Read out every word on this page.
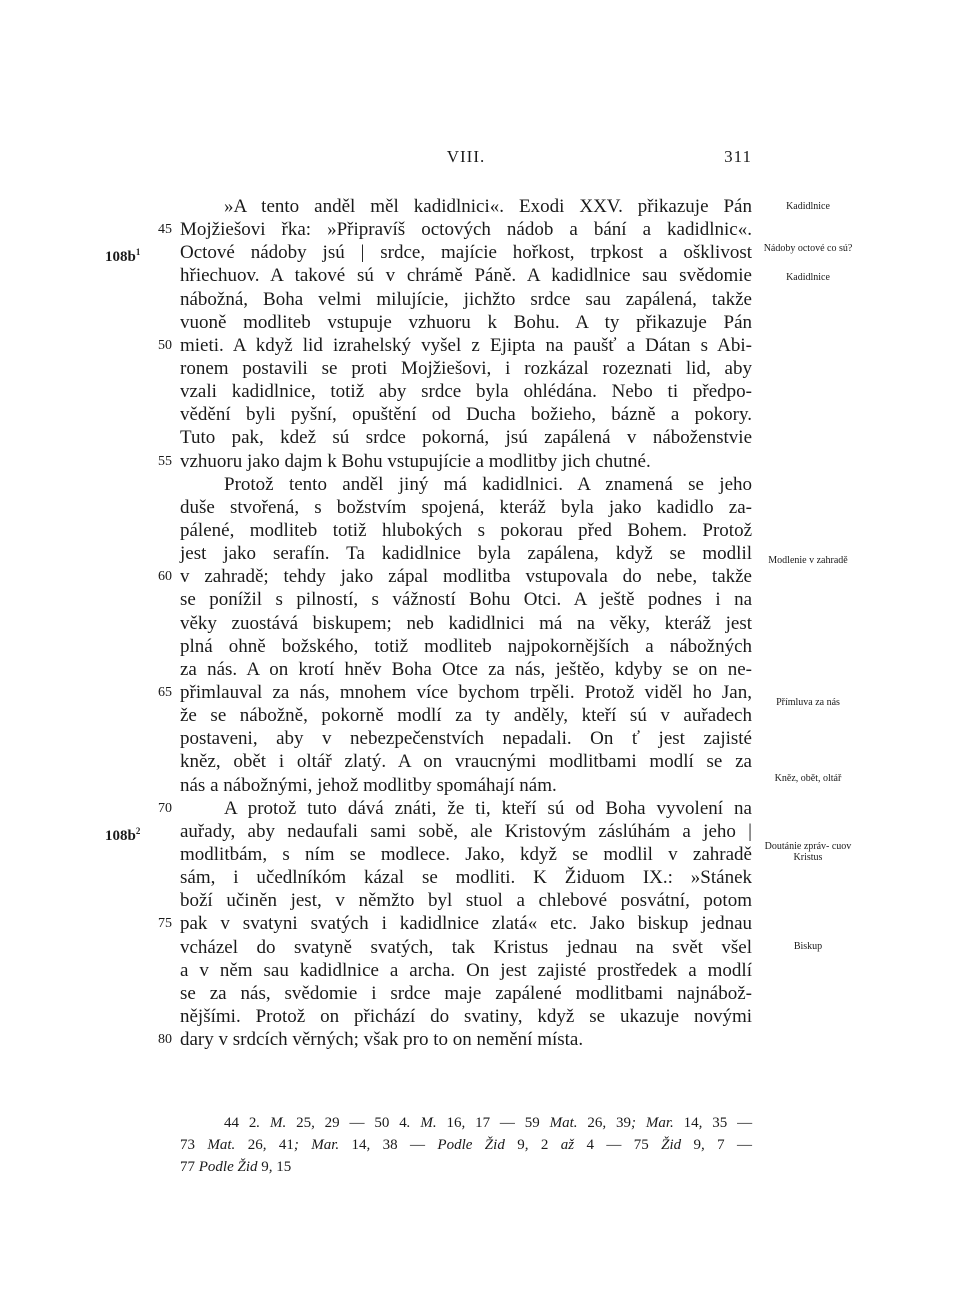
VIII.	311
»A tento anděl měl kadidlnici«. Exodi XXV. přikazuje Pán
45 Mojžiešovi řka: »Připravíš octových nádob a bání a kadidlnic«.
$108b^1$ Octové nádoby jsú | srdce, majície hořkost, trpkost a ošklivost
hřiechuov. A takové sú v chrámě Páně. A kadidlnice sau svědomie
nábožná, Boha velmi milujície, jichžto srdce sau zapálená, takže
vuoně modliteb vstupuje vzhuoru k Bohu. A ty přikazuje Pán
50 mieti. A když lid izrahelský vyšel z Ejipta na paušť a Dátan s Abi-
ronem postavili se proti Mojžiešovi, i rozkázal rozeznati lid, aby
vzali kadidlnice, totiž aby srdce byla ohlédána. Nebo ti předpo-
vědění byli pyšní, opuštění od Ducha božieho, bázně a pokory.
Tuto pak, kdež sú srdce pokorná, jsú zapálená v náboženstvie
55 vzhuoru jako dajm k Bohu vstupujície a modlitby jich chutné.
Protož tento anděl jiný má kadidlnici. A znamená se jeho
duše stvořená, s božstvím spojená, kteráž byla jako kadidlo za-
pálené, modliteb totiž hlubokých s pokorau před Bohem. Protož
jest jako serafín. Ta kadidlnice byla zapálena, když se modlil
60 v zahradě; tehdy jako zápal modlitba vstupovala do nebe, takže
se ponížil s pilností, s vážností Bohu Otci. A ještě podnes i na
věky zuostává biskupem; neb kadidlnici má na věky, kteráž jest
plná ohně božského, totiž modliteb najpokornějších a nábožných
za nás. A on krotí hněv Boha Otce za nás, ještěo, kdyby se on ne-
65 přimlauval za nás, mnohem více bychom trpěli. Protož viděl ho Jan,
že se nábožně, pokorně modlí za ty anděly, kteří sú v auřadech
postaveni, aby v nebezpečenstvích nepadali. On ť jest zajisté
kněz, obět i oltář zlatý. A on vraucnými modlitbami modlí se za
nás a nábožnými, jehož modlitby spomáhají nám.
70	A protož tuto dává znáti, že ti, kteří sú od Boha vyvolení na
$108b^2$ auřady, aby nedaufali sami sobě, ale Kristovým záslúhám a jeho |
modlitbám, s ním se modlece. Jako, když se modlil v zahradě
sám, i učedlníkóm kázal se modliti. K Židuom IX.: »Stánek
boží učiněn jest, v němžto byl stuol a chlebové posvátní, potom
75 pak v svatyni svatých i kadidlnice zlatá« etc. Jako biskup jednau
vcházel do svatyně svatých, tak Kristus jednau na svět všel
a v něm sau kadidlnice a archa. On jest zajisté prostředek a modlí
se za nás, svědomie i srdce maje zapálené modlitbami najnábož-
nějšími. Protož on přichází do svatiny, když se ukazuje novými
80 dary v srdcích věrných; však pro to on nemění místa.
Kadidlnice
Nádoby octové co sú?
Kadidlnice
Modlenie v zahradě
Přímluva za nás
Kněz, obět, oltář
Doutánie zpráv- cuov Kristus
Biskup
44 2. M. 25, 29 — 50 4. M. 16, 17 — 59 Mat. 26, 39; Mar. 14, 35 —
73 Mat. 26, 41; Mar. 14, 38 — Podle Žid 9, 2 až 4 — 75 Žid 9, 7 —
77 Podle Žid 9, 15
